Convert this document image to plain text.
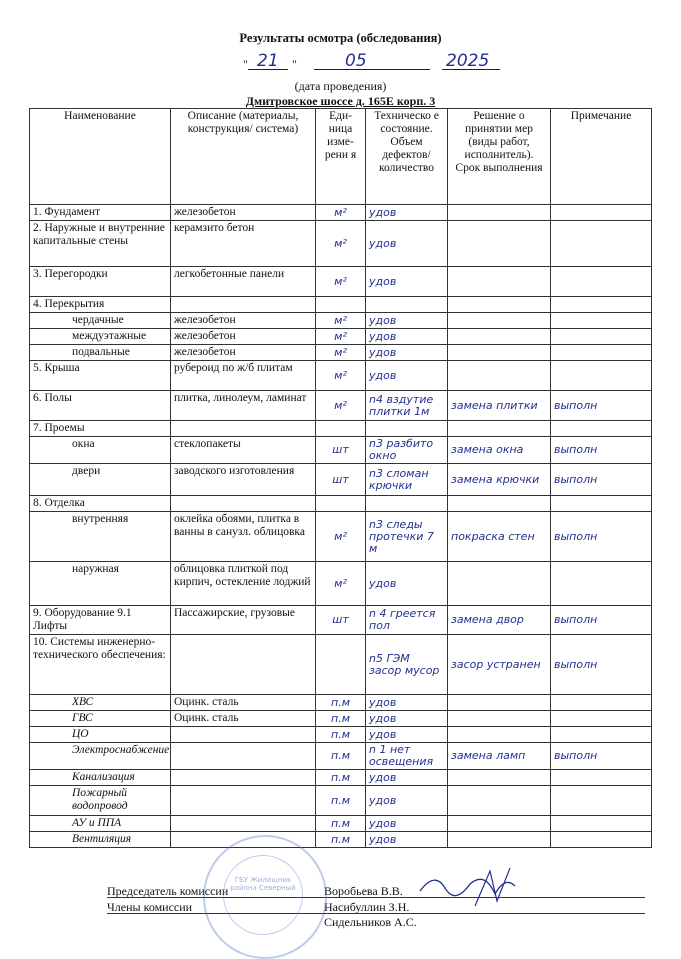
Результаты осмотра (обследования)
" 21 "	05	2025
(дата проведения)
Дмитровское шоссе д. 165Е корп. 3
Наименование	Описание (материалы, конструкция/ система)	Еди-ница изме-рени я	Техническо е состояние. Объем дефектов/ количество	Решение о принятии мер (виды работ, исполнитель). Срок выполнения	Примечание
1. Фундамент	железобетон	м²	удов		
2. Наружные и внутренние капитальные стены	керамзито бетон	м²	удов		
3. Перегородки	легкобетонные панели	м²	удов		
4. Перекрытия					
чердачные	железобетон	м²	удов		
междуэтажные	железобетон	м²	удов		
подвальные	железобетон	м²	удов		
5. Крыша	рубероид по ж/б плитам	м²	удов		
6. Полы	плитка, линолеум, ламинат	м²	n4 вздутие плитки 1м	замена плитки	выполн
7. Проемы					
окна	стеклопакеты	шт	n3 разбито окно	замена окна	выполн
двери	заводского изготовления	шт	n3 сломан крючки	замена крючки	выполн
8. Отделка					
внутренняя	оклейка обоями, плитка в ванны в санузл. облицовка	м²	n3 следы протечки 7 м	покраска стен	выполн
наружная	облицовка плиткой под кирпич, остекление лоджий	м²	удов		
9. Оборудование 9.1 Лифты	Пассажирские, грузовые	шт	n 4 греется пол	замена двор	выполн
10. Системы инженерно-технического обеспечения:			n5 ГЭМ засор мусор	засор устранен	выполн
ХВС	Оцинк. сталь	п.м	удов		
ГВС	Оцинк. сталь	п.м	удов		
ЦО		п.м	удов		
Электроснабжение		п.м	n 1 нет освещения	замена ламп	выполн
Канализация		п.м	удов		
Пожарный водопровод		п.м	удов		
АУ и ППА		п.м	удов		
Вентиляция		п.м	удов		
Председатель комиссии	Воробьева В.В.
Члены комиссии	Насибуллин З.Н.
Сидельников А.С.
ГБУ Жилищник района Северный
